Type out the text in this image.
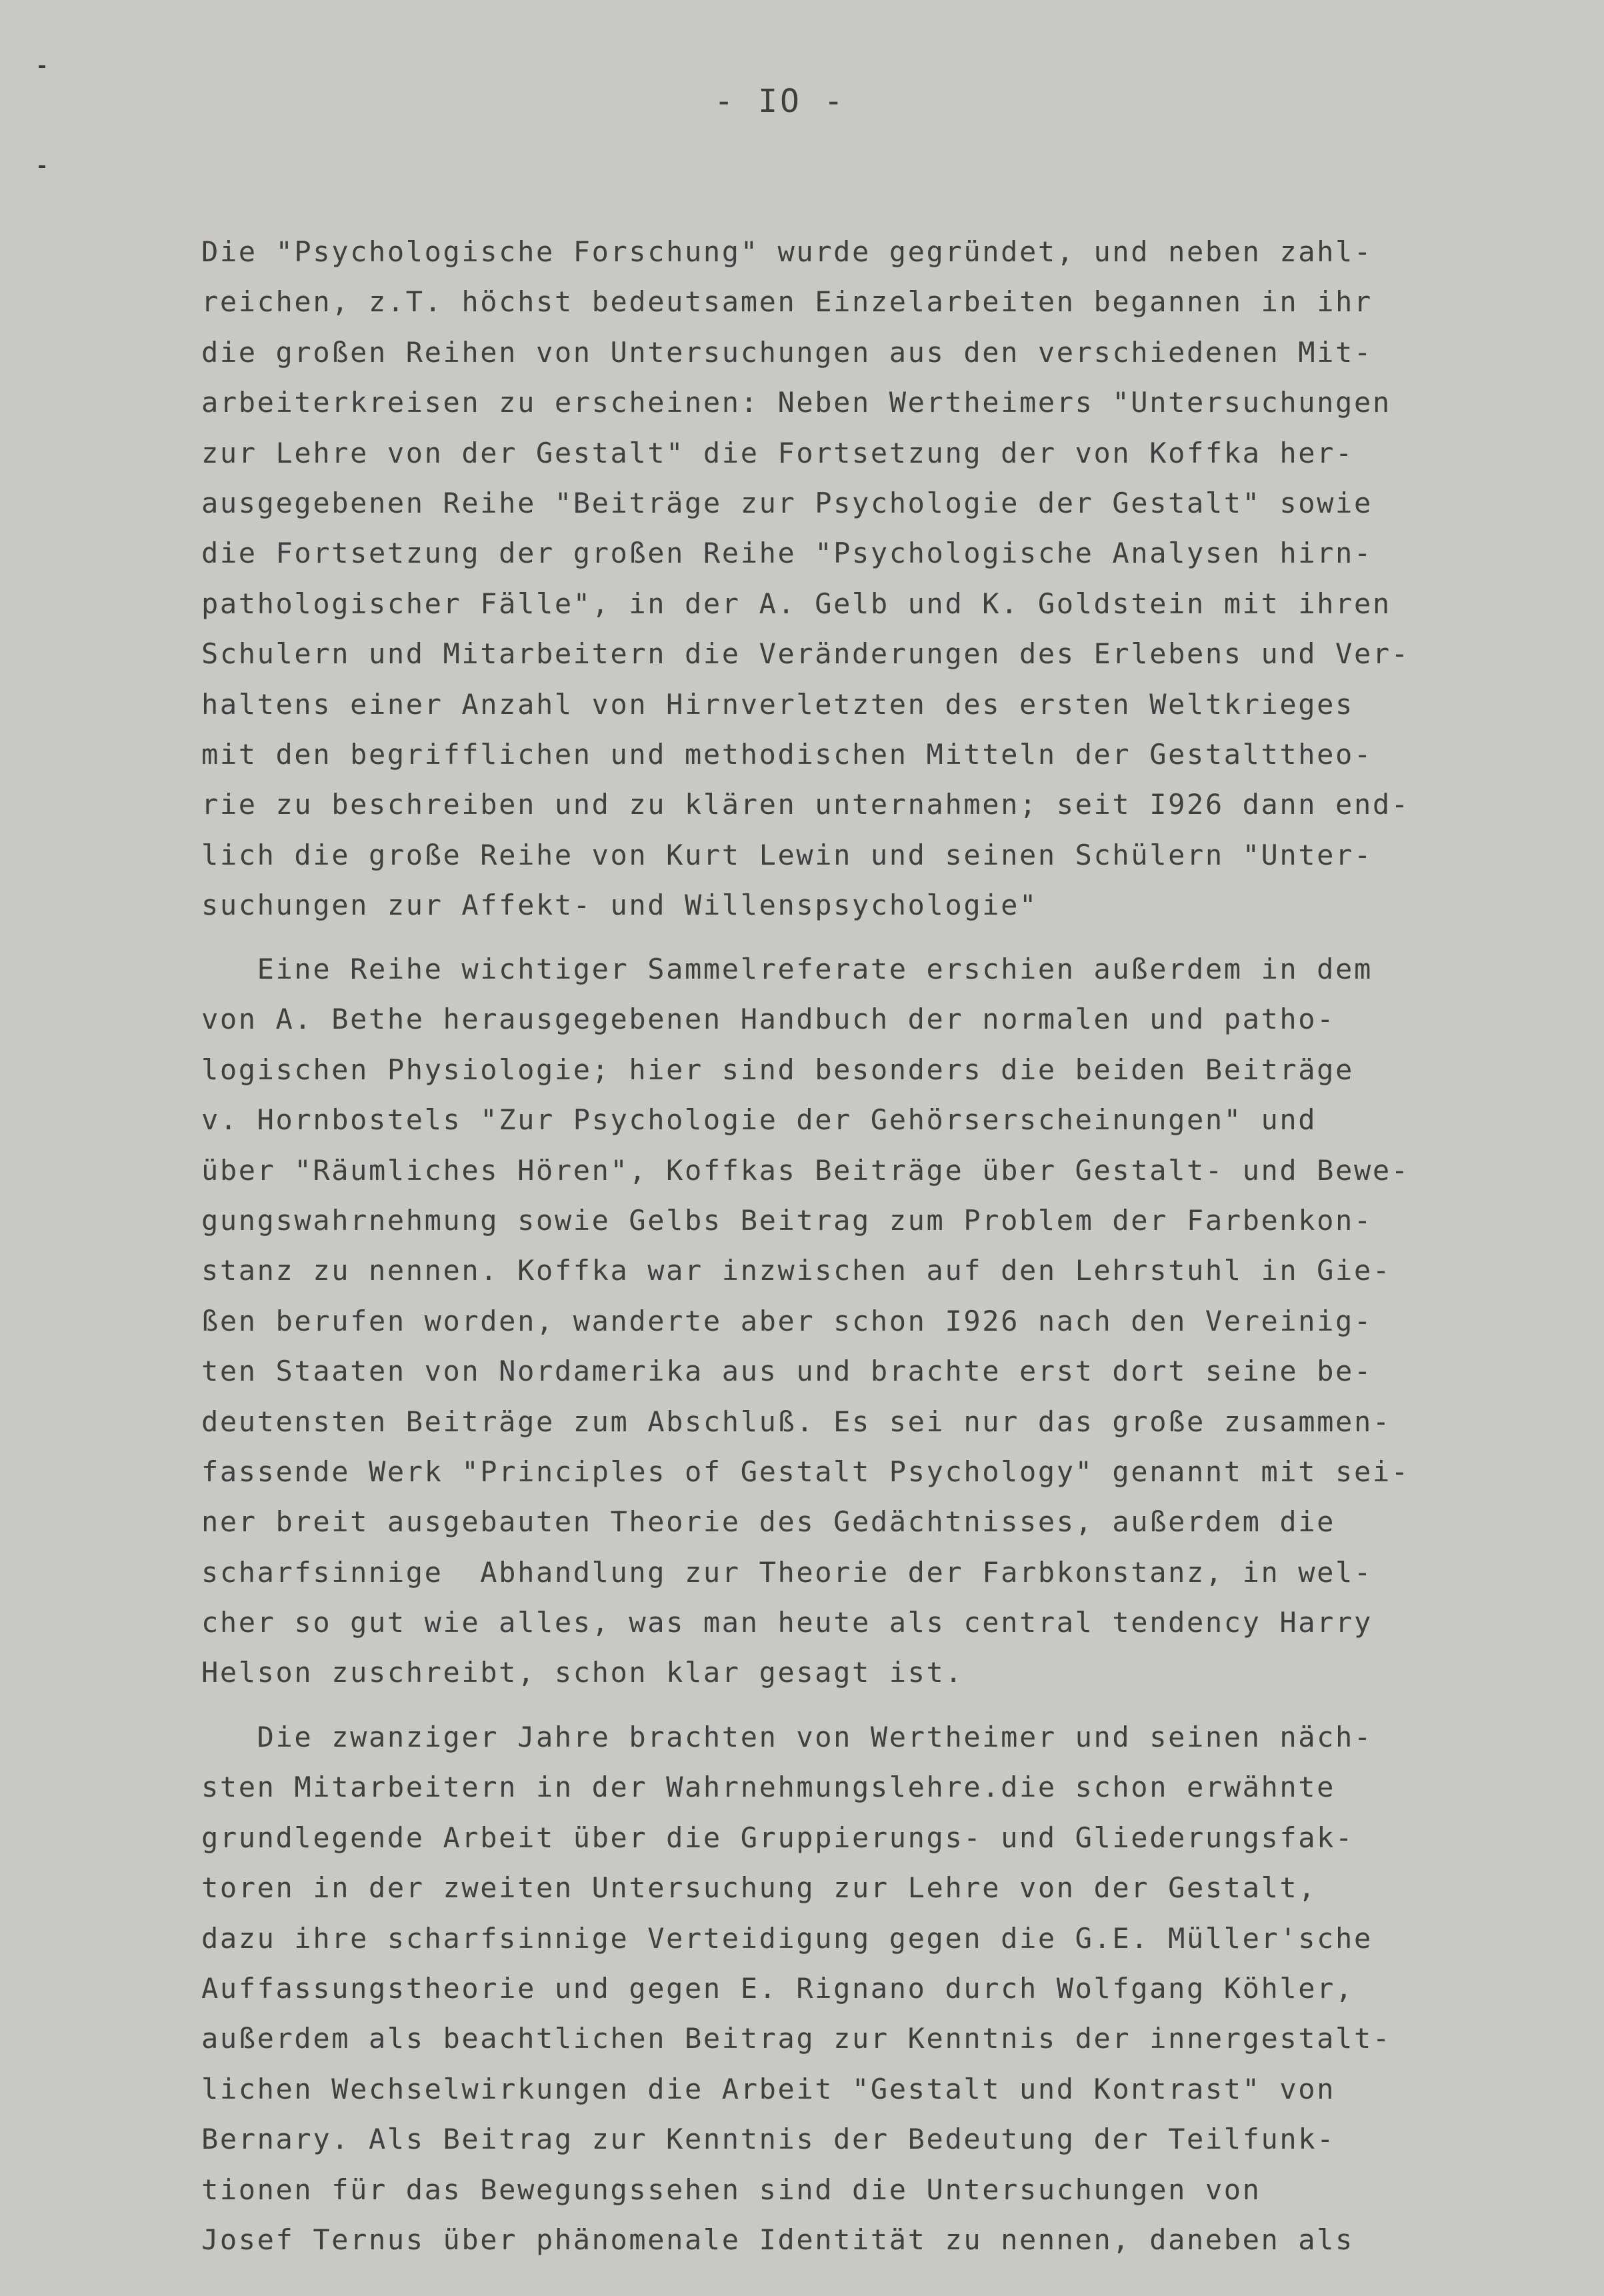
- IO -
Die "Psychologische Forschung" wurde gegründet, und neben zahl-
reichen, z.T. höchst bedeutsamen Einzelarbeiten begannen in ihr
die großen Reihen von Untersuchungen aus den verschiedenen Mit-
arbeiterkreisen zu erscheinen: Neben Wertheimers "Untersuchungen
zur Lehre von der Gestalt" die Fortsetzung der von Koffka her-
ausgegebenen Reihe "Beiträge zur Psychologie der Gestalt" sowie
die Fortsetzung der großen Reihe "Psychologische Analysen hirn-
pathologischer Fälle", in der A. Gelb und K. Goldstein mit ihren
Schulern und Mitarbeitern die Veränderungen des Erlebens und Ver-
haltens einer Anzahl von Hirnverletzten des ersten Weltkrieges
mit den begrifflichen und methodischen Mitteln der Gestalttheo-
rie zu beschreiben und zu klären unternahmen; seit I926 dann end-
lich die große Reihe von Kurt Lewin und seinen Schülern "Unter-
suchungen zur Affekt- und Willenspsychologie"
Eine Reihe wichtiger Sammelreferate erschien außerdem in dem
von A. Bethe herausgegebenen Handbuch der normalen und patho-
logischen Physiologie; hier sind besonders die beiden Beiträge
v. Hornbostels "Zur Psychologie der Gehörserscheinungen" und
über "Räumliches Hören", Koffkas Beiträge über Gestalt- und Bewe-
gungswahrnehmung sowie Gelbs Beitrag zum Problem der Farbenkon-
stanz zu nennen. Koffka war inzwischen auf den Lehrstuhl in Gie-
ßen berufen worden, wanderte aber schon I926 nach den Vereinig-
ten Staaten von Nordamerika aus und brachte erst dort seine be-
deutensten Beiträge zum Abschluß. Es sei nur das große zusammen-
fassende Werk "Principles of Gestalt Psychology" genannt mit sei-
ner breit ausgebauten Theorie des Gedächtnisses, außerdem die
scharfsinnige  Abhandlung zur Theorie der Farbkonstanz, in wel-
cher so gut wie alles, was man heute als central tendency Harry
Helson zuschreibt, schon klar gesagt ist.
Die zwanziger Jahre brachten von Wertheimer und seinen näch-
sten Mitarbeitern in der Wahrnehmungslehre.die schon erwähnte
grundlegende Arbeit über die Gruppierungs- und Gliederungsfak-
toren in der zweiten Untersuchung zur Lehre von der Gestalt,
dazu ihre scharfsinnige Verteidigung gegen die G.E. Müller'sche
Auffassungstheorie und gegen E. Rignano durch Wolfgang Köhler,
außerdem als beachtlichen Beitrag zur Kenntnis der innergestalt-
lichen Wechselwirkungen die Arbeit "Gestalt und Kontrast" von
Bernary. Als Beitrag zur Kenntnis der Bedeutung der Teilfunk-
tionen für das Bewegungssehen sind die Untersuchungen von
Josef Ternus über phänomenale Identität zu nennen, daneben als
